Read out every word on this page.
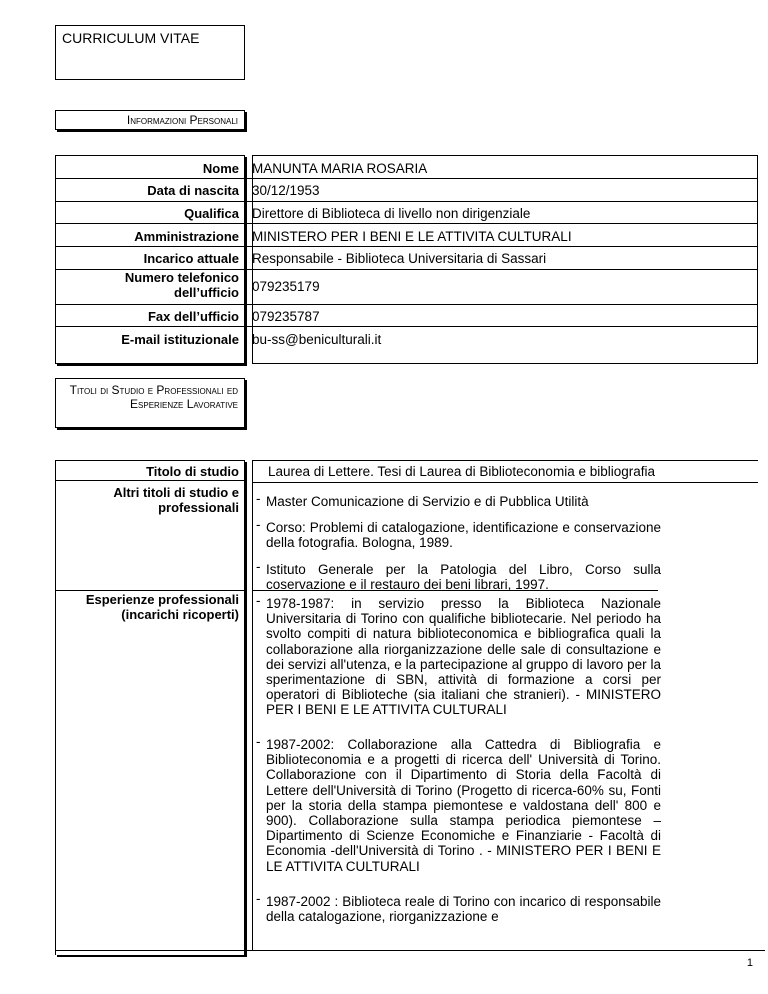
CURRICULUM VITAE
Informazioni Personali
Nome MANUNTA MARIA ROSARIA
Data di nascita 30/12/1953
Qualifica Direttore di Biblioteca di livello non dirigenziale
Amministrazione MINISTERO PER I BENI E LE ATTIVITA CULTURALI
Incarico attuale Responsabile - Biblioteca Universitaria di Sassari
Numero telefonico dell’ufficio 079235179
Fax dell’ufficio 079235787
E-mail istituzionale bu-ss@beniculturali.it
Titoli di Studio e Professionali ed Esperienze Lavorative
Titolo di studio Laurea di Lettere. Tesi di Laurea di Biblioteconomia e bibliografia
Altri titoli di studio e professionali
- Master Comunicazione di Servizio e di Pubblica Utilità
- Corso: Problemi di catalogazione, identificazione e conservazione della fotografia. Bologna, 1989.
- Istituto Generale per la Patologia del Libro, Corso sulla coservazione e il restauro dei beni librari, 1997.
Esperienze professionali (incarichi ricoperti)
- 1978-1987: in servizio presso la Biblioteca Nazionale Universitaria di Torino con qualifiche bibliotecarie. Nel periodo ha svolto compiti di natura biblioteconomica e bibliografica quali la collaborazione alla riorganizzazione delle sale di consultazione e dei servizi all'utenza, e la partecipazione al gruppo di lavoro per la sperimentazione di SBN, attività di formazione a corsi per operatori di Biblioteche (sia italiani che stranieri). - MINISTERO PER I BENI E LE ATTIVITA CULTURALI
- 1987-2002: Collaborazione alla Cattedra di Bibliografia e Biblioteconomia e a progetti di ricerca dell' Università di Torino. Collaborazione con il Dipartimento di Storia della Facoltà di Lettere dell'Università di Torino (Progetto di ricerca-60% su, Fonti per la storia della stampa piemontese e valdostana dell' 800 e 900). Collaborazione sulla stampa periodica piemontese – Dipartimento di Scienze Economiche e Finanziarie - Facoltà di Economia -dell'Università di Torino . - MINISTERO PER I BENI E LE ATTIVITA CULTURALI
- 1987-2002 : Biblioteca reale di Torino con incarico di responsabile della catalogazione, riorganizzazione e
1
